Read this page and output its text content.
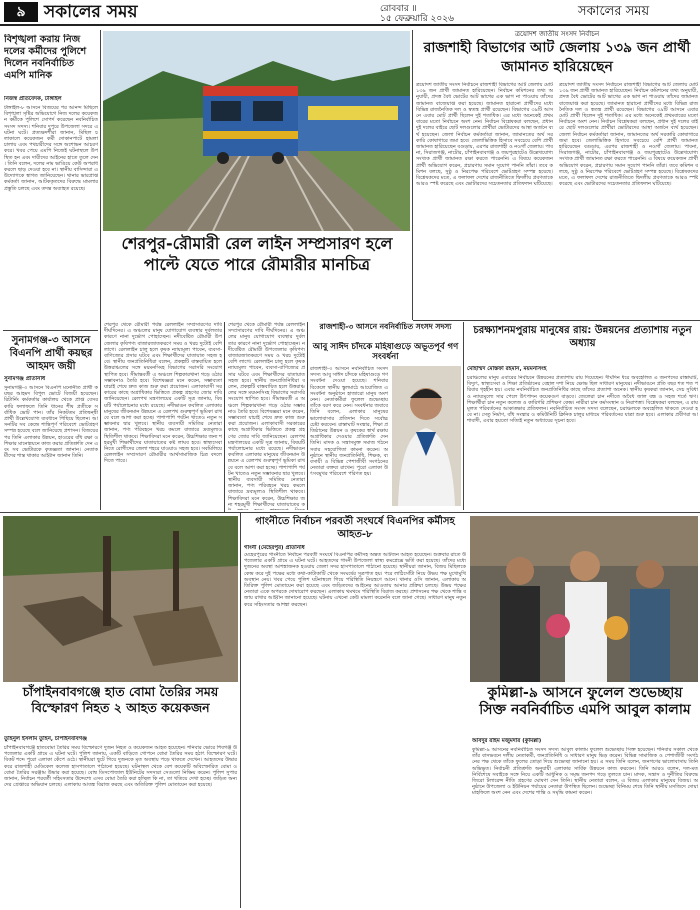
৯	সকালের সময়	রোববার ॥
১৫ ফেব্রুয়ারি ২০২৬	সকালের সময়
বিশৃঙ্খলা করায় নিজ দলের কর্মীদের পুলিশে দিলেন নবনির্বাচিত এমপি মানিক
নিজস্ব প্রতিবেদক, টাঙ্গাইল
টাঙ্গাইল-৮ আসনে বিজয়ের পর আনন্দ মিছিলে বিশৃঙ্খলা সৃষ্টির অভিযোগে নিজ দলের কয়েকজন কর্মীকে পুলিশে সোপর্দ করেছেন নবনির্বাচিত সংসদ সদস্য। শনিবার দুপুরে উপজেলা সদরে এ ঘটনা ঘটে। প্রত্যক্ষদর্শীরা জানান, মিছিল চলাকালে কয়েকজন কর্মী দোকানপাটে হামলা চালায় এবং পথচারীদের সঙ্গে অশোভন আচরণ করে। খবর পেয়ে এমপি নিজেই ঘটনাস্থলে উপস্থিত হন এবং দায়ীদের আইনের হাতে তুলে দেন। তিনি বলেন, দলের নাম ভাঙিয়ে কেউ অপরাধ করলে ছাড় দেওয়া হবে না। স্থানীয় বাসিন্দারা এ উদ্যোগকে স্বাগত জানিয়েছেন। থানার ভারপ্রাপ্ত কর্মকর্তা জানান, আটককৃতদের বিরুদ্ধে মামলার প্রস্তুতি চলছে এবং তদন্ত অব্যাহত রয়েছে।
সুনামগঞ্জ-৩ আসনে বিএনপি প্রার্থী কয়ছর আহমদ জয়ী
সুনামগঞ্জ প্রতিনিধি
সুনামগঞ্জ-৩ আসনে বিএনপি মনোনীত প্রার্থী কয়ছর আহমদ বিপুল ভোটে বিজয়ী হয়েছেন। রিটার্নিং কর্মকর্তার কার্যালয় থেকে প্রাপ্ত বেসরকারি ফলাফলে তিনি ধানের শীষ প্রতীকে সর্বাধিক ভোট পান। তাঁর নিকটতম প্রতিদ্বন্দ্বী প্রার্থী উল্লেখযোগ্য ব্যবধানে পিছিয়ে ছিলেন। আসনটির সব কেন্দ্রে শান্তিপূর্ণ পরিবেশে ভোটগ্রহণ সম্পন্ন হয়েছে বলে জানিয়েছে প্রশাসন। বিজয়ের পর তিনি এলাকার উন্নয়ন, হাওরের বাঁধ রক্ষা ও শিক্ষার মানোন্নয়নে কাজ করার প্রতিশ্রুতি দেন এবং সব ভোটারকে কৃতজ্ঞতা জানান। নেতাকর্মীদের শান্ত থাকার আহ্বান জানান তিনি।
শেরপুর-রৌমারী রেল লাইন সম্প্রসারণ হলে পাল্টে যেতে পারে রৌমারীর মানচিত্র
শেরপুর থেকে রৌমারী পর্যন্ত রেললাইন সম্প্রসারণের দাবি দীর্ঘদিনের। এ অঞ্চলের মানুষ যোগাযোগ ব্যবস্থার দুর্বলতার কারণে নানা দুর্ভোগ পোহাচ্ছেন। নদীবেষ্টিত রৌমারী উপজেলার কৃষিপণ্য বাজারজাতকরণে সময় ও খরচ দুটোই বেশি লাগে। রেললাইন চালু হলে কৃষক ন্যায্যমূল্য পাবেন, ব্যবসা-বাণিজ্যের প্রসার ঘটবে এবং শিক্ষার্থীদের যাতায়াত সহজ হবে। স্থানীয় জনপ্রতিনিধিরা বলেন, প্রকল্পটি বাস্তবায়িত হলে উত্তরাঞ্চলের সঙ্গে ময়মনসিংহ বিভাগের সরাসরি সংযোগ স্থাপিত হবে। সীমান্তবর্তী এ অঞ্চলে শিল্পকারখানা গড়ে ওঠার সম্ভাবনাও তৈরি হবে। বিশেষজ্ঞরা মনে করেন, সম্ভাব্যতা যাচাই শেষে দ্রুত কাজ শুরু করা প্রয়োজন। এলাকাবাসী সরকারের কাছে অগ্রাধিকার ভিত্তিতে প্রকল্প গ্রহণের জোর দাবি জানিয়েছেন। রেলপথ মন্ত্রণালয়ের একটি সূত্র জানায়, বিষয়টি পর্যালোচনার মধ্যে রয়েছে। নদীভাঙন কবলিত এলাকার মানুষের জীবনমান উন্নয়নে এ রেলপথ গুরুত্বপূর্ণ ভূমিকা রাখবে বলে আশা করা হচ্ছে। পাশাপাশি পর্যটন খাতেও নতুন সম্ভাবনার দ্বার খুলবে। স্থানীয় ব্যবসায়ী সমিতির নেতারা জানান, পণ্য পরিবহনে খরচ কমলে বাজারে দ্রব্যমূল্যও স্থিতিশীল থাকবে। শিক্ষাবিদরা মনে করেন, উচ্চশিক্ষার জন্য শহরমুখী শিক্ষার্থীদের যাতায়াতের কষ্ট লাঘব হবে। স্বাস্থ্যসেবা নিতে রোগীদের জেলা শহরে যাওয়াও সহজ হবে। সবমিলিয়ে রেললাইন সম্প্রসারণ রৌমারীর আর্থসামাজিক চিত্র বদলে দিতে পারে।
শেরপুর থেকে রৌমারী পর্যন্ত রেললাইন সম্প্রসারণের দাবি দীর্ঘদিনের। এ অঞ্চলের মানুষ যোগাযোগ ব্যবস্থার দুর্বলতার কারণে নানা দুর্ভোগ পোহাচ্ছেন। নদীবেষ্টিত রৌমারী উপজেলার কৃষিপণ্য বাজারজাতকরণে সময় ও খরচ দুটোই বেশি লাগে। রেললাইন চালু হলে কৃষক ন্যায্যমূল্য পাবেন, ব্যবসা-বাণিজ্যের প্রসার ঘটবে এবং শিক্ষার্থীদের যাতায়াত সহজ হবে। স্থানীয় জনপ্রতিনিধিরা বলেন, প্রকল্পটি বাস্তবায়িত হলে উত্তরাঞ্চলের সঙ্গে ময়মনসিংহ বিভাগের সরাসরি সংযোগ স্থাপিত হবে। সীমান্তবর্তী এ অঞ্চলে শিল্পকারখানা গড়ে ওঠার সম্ভাবনাও তৈরি হবে। বিশেষজ্ঞরা মনে করেন, সম্ভাব্যতা যাচাই শেষে দ্রুত কাজ শুরু করা প্রয়োজন। এলাকাবাসী সরকারের কাছে অগ্রাধিকার ভিত্তিতে প্রকল্প গ্রহণের জোর দাবি জানিয়েছেন। রেলপথ মন্ত্রণালয়ের একটি সূত্র জানায়, বিষয়টি পর্যালোচনার মধ্যে রয়েছে। নদীভাঙন কবলিত এলাকার মানুষের জীবনমান উন্নয়নে এ রেলপথ গুরুত্বপূর্ণ ভূমিকা রাখবে বলে আশা করা হচ্ছে। পাশাপাশি পর্যটন খাতেও নতুন সম্ভাবনার দ্বার খুলবে। স্থানীয় ব্যবসায়ী সমিতির নেতারা জানান, পণ্য পরিবহনে খরচ কমলে বাজারে দ্রব্যমূল্যও স্থিতিশীল থাকবে। শিক্ষাবিদরা মনে করেন, উচ্চশিক্ষার জন্য শহরমুখী শিক্ষার্থীদের যাতায়াতের ক
ত্রয়োদশ জাতীয় সংসদ নির্বাচন
রাজশাহী বিভাগের আট জেলায় ১৩৯ জন প্রার্থী জামানত হারিয়েছেন
ত্রয়োদশ জাতীয় সংসদ নির্বাচনে রাজশাহী বিভাগের আট জেলায় মোট ১৩৯ জন প্রার্থী জামানত হারিয়েছেন। নির্বাচন কমিশনের তথ্য অনুযায়ী, প্রদত্ত বৈধ ভোটের আট ভাগের এক ভাগ না পাওয়ায় তাঁদের জামানত বাজেয়াপ্ত করা হয়েছে। জামানত হারানো প্রার্থীদের মধ্যে বিভিন্ন রাজনৈতিক দল ও স্বতন্ত্র প্রার্থী রয়েছেন। বিভাগের ৩৯টি আসনে এবার মোট প্রার্থী ছিলেন দুই শতাধিক। এর মধ্যে অনেকেই প্রথমবারের মতো নির্বাচনে অংশ নেন। নির্বাচন বিশ্লেষকরা বলছেন, প্রধান দুই দলের বাইরে ছোট দলগুলোর প্রার্থীরা ভোটারদের আস্থা অর্জনে ব্যর্থ হয়েছেন। জেলা নির্বাচন কর্মকর্তারা জানান, জামানতের অর্থ সরকারি কোষাগারে জমা হবে। জেলাভিত্তিক হিসাবে সবচেয়ে বেশি প্রার্থী জামানত হারিয়েছেন বগুড়ায়, এরপর রাজশাহী ও নওগাঁ জেলায়। পাবনা, সিরাজগঞ্জ, নাটোর, চাঁপাইনবাবগঞ্জ ও জয়পুরহাটেও উল্লেখযোগ্য সংখ্যক প্রার্থী জামানত রক্ষা করতে পারেননি। এ বিষয়ে কয়েকজন প্রার্থী অভিযোগ করেন, প্রচারণায় সমান সুযোগ পাননি তাঁরা। তবে কমিশন বলছে, সুষ্ঠু ও নিরপেক্ষ পরিবেশে ভোটগ্রহণ সম্পন্ন হয়েছে। বিশ্লেষকদের মতে, এ ফলাফল দেশের রাজনীতিতে দ্বিদলীয় প্রবণতাকে আরও স্পষ্ট করেছে এবং ভোটারদের সচেতনতার প্রতিফলন ঘটিয়েছে।
ত্রয়োদশ জাতীয় সংসদ নির্বাচনে রাজশাহী বিভাগের আট জেলায় মোট ১৩৯ জন প্রার্থী জামানত হারিয়েছেন। নির্বাচন কমিশনের তথ্য অনুযায়ী, প্রদত্ত বৈধ ভোটের আট ভাগের এক ভাগ না পাওয়ায় তাঁদের জামানত বাজেয়াপ্ত করা হয়েছে। জামানত হারানো প্রার্থীদের মধ্যে বিভিন্ন রাজনৈতিক দল ও স্বতন্ত্র প্রার্থী রয়েছেন। বিভাগের ৩৯টি আসনে এবার মোট প্রার্থী ছিলেন দুই শতাধিক। এর মধ্যে অনেকেই প্রথমবারের মতো নির্বাচনে অংশ নেন। নির্বাচন বিশ্লেষকরা বলছেন, প্রধান দুই দলের বাইরে ছোট দলগুলোর প্রার্থীরা ভোটারদের আস্থা অর্জনে ব্যর্থ হয়েছেন। জেলা নির্বাচন কর্মকর্তারা জানান, জামানতের অর্থ সরকারি কোষাগারে জমা হবে। জেলাভিত্তিক হিসাবে সবচেয়ে বেশি প্রার্থী জামানত হারিয়েছেন বগুড়ায়, এরপর রাজশাহী ও নওগাঁ জেলায়। পাবনা, সিরাজগঞ্জ, নাটোর, চাঁপাইনবাবগঞ্জ ও জয়পুরহাটেও উল্লেখযোগ্য সংখ্যক প্রার্থী জামানত রক্ষা করতে পারেননি। এ বিষয়ে কয়েকজন প্রার্থী অভিযোগ করেন, প্রচারণায় সমান সুযোগ পাননি তাঁরা। তবে কমিশন বলছে, সুষ্ঠু ও নিরপেক্ষ পরিবেশে ভোটগ্রহণ সম্পন্ন হয়েছে। বিশ্লেষকদের মতে, এ ফলাফল দেশের রাজনীতিতে দ্বিদলীয় প্রবণতাকে আরও স্পষ্ট করেছে এবং ভোটারদের সচেতনতার প্রতিফলন ঘটিয়েছে।
রাজশাহী-৩ আসনে নবনির্বাচিত সংসদ সদস্য
আবু সাঈদ চাঁদকে মহিষাগুড়ে অভূতপূর্ব গণ সংবর্ধনা
রাজশাহী-৩ আসনে নবনির্বাচিত সংসদ সদস্য আবু সাঈদ চাঁদকে মহিষাগুড়ে গণ সংবর্ধনা দেওয়া হয়েছে। শনিবার বিকেলে স্থানীয় স্কুলমাঠে আয়োজিত এ সংবর্ধনা অনুষ্ঠানে হাজারো মানুষ অংশ নেন। নেতাকর্মীরা ফুলেল শুভেচ্ছায় তাঁকে বরণ করে নেন। সংবর্ধনার জবাবে তিনি বলেন, এলাকার মানুষের ভালোবাসার প্রতিদান দিতে সর্বোচ্চ চেষ্টা করবেন। রাস্তাঘাট সংস্কার, শিক্ষা প্রতিষ্ঠানের উন্নয়ন ও কৃষকের স্বার্থ রক্ষায় অগ্রাধিকার দেওয়ার প্রতিশ্রুতি দেন তিনি। মাদক ও সন্ত্রাসমুক্ত সমাজ গঠনে সবার সহযোগিতা কামনা করেন। অনুষ্ঠানে স্থানীয় জনপ্রতিনিধি, শিক্ষক, ব্যবসায়ী ও বিভিন্ন পেশাজীবী সংগঠনের নেতারা বক্তব্য রাখেন। পুরো এলাকা উৎসবমুখর পরিবেশে পরিণত হয়।
চরক্ষ্যাশনমপুরায় মানুষের রায়: উন্নয়নের প্রত্যাশায় নতুন অধ্যায়
মোহাম্মদ মোস্তফা রহমান, ময়মনসিংহ
চরাঞ্চলের মানুষ এবারের নির্বাচনে উন্নয়নের প্রত্যাশায় রায় দিয়েছেন। দীর্ঘদিন ধরে অবহেলিত এ জনপদের রাস্তাঘাট, বিদ্যুৎ, স্বাস্থ্যসেবা ও শিক্ষা প্রতিষ্ঠানের বেহাল দশা নিয়ে ক্ষোভ ছিল সাধারণ মানুষের। নদীভাঙনে প্রতি বছর শত শত পরিবার গৃহহীন হয়। এবার নবনির্বাচিত জনপ্রতিনিধির কাছে তাঁদের প্রত্যাশা অনেক। স্থানীয় কৃষকরা জানান, সেচ সুবিধা ও ন্যায্যমূল্যে সার পেলে উৎপাদন কয়েকগুণ বাড়বে। জেলেরা চান নদীতে অবৈধ জাল বন্ধ ও সহজ শর্তে ঋণ। শিক্ষার্থীরা চান নতুন কলেজ ও কারিগরি প্রশিক্ষণ কেন্দ্র। নারীরা চান কর্মসংস্থান ও নিরাপত্তা। বিশ্লেষকরা বলছেন, এ রায় মূলত পরিবর্তনের আকাঙ্ক্ষার প্রতিফলন। নবনির্বাচিত সংসদ সদস্য বলেছেন, চরাঞ্চলকে অবহেলিত থাকতে দেওয়া হবে না। সেতু নির্মাণ, বাঁধ সংস্কার ও কমিউনিটি ক্লিনিক চালুর মাধ্যমে পরিবর্তনের যাত্রা শুরু হবে। এলাকার প্রবীণরা আশাবাদী, এবার হয়তো সত্যিই নতুন অধ্যায়ের সূচনা হবে।
চাঁপাইনবাবগঞ্জে হাত বোমা তৈরির সময় বিস্ফোরণ নিহত ২ আহত কয়েকজন
তুহিনুল ইসলাম তুহিন, চাঁপাইনবাবগঞ্জ
চাঁপাইনবাবগঞ্জে হাতবোমা তৈরির সময় বিস্ফোরণে দুজন নিহত ও কয়েকজন আহত হয়েছেন। শনিবার ভোরে শিবগঞ্জ উপজেলার একটি গ্রামে এ ঘটনা ঘটে। পুলিশ জানায়, একটি বাড়িতে গোপনে বোমা তৈরির সময় হঠাৎ বিস্ফোরণ ঘটে। বিকট শব্দে পুরো এলাকা কেঁপে ওঠে। স্থানীয়রা ছুটে গিয়ে দুজনকে মৃত অবস্থায় পড়ে থাকতে দেখেন। আহতদের উদ্ধার করে রাজশাহী মেডিকেল কলেজ হাসপাতালে পাঠানো হয়েছে। ঘটনাস্থল থেকে বেশ কয়েকটি অবিস্ফোরিত বোমা ও বোমা তৈরির সরঞ্জাম উদ্ধার করা হয়েছে। বোম্ব ডিসপোজাল ইউনিটের সদস্যরা সেগুলো নিষ্ক্রিয় করেন। পুলিশ সুপার জানান, নির্বাচন পরবর্তী সহিংসতার উদ্দেশ্যে এসব বোমা তৈরি করা হচ্ছিল কি না, তা খতিয়ে দেখা হচ্ছে। জড়িত অন্যদের গ্রেপ্তারে অভিযান চলছে। এলাকায় আতঙ্ক বিরাজ করছে এবং অতিরিক্ত পুলিশ মোতায়েন করা হয়েছে।
গাংনীতে নির্বাচন পরবর্তী সংঘর্ষে বিএনপির কর্মীসহ আহত-৮
গাংনী (মেহেরপুর) প্রতিনিধি
মেহেরপুরের গাংনীতে নির্বাচন পরবর্তী সংঘর্ষে বিএনপির কর্মীসহ অন্তত আটজন আহত হয়েছেন। শুক্রবার রাতে উপজেলার একটি গ্রামে এ ঘটনা ঘটে। আহতদের গাংনী উপজেলা স্বাস্থ্য কমপ্লেক্সে ভর্তি করা হয়েছে। তাঁদের মধ্যে দুজনের অবস্থা আশঙ্কাজনক হওয়ায় জেলা সদর হাসপাতালে পাঠানো হয়েছে। স্থানীয়রা জানান, বিজয় মিছিলকে কেন্দ্র করে দুই পক্ষের মধ্যে কথা-কাটাকাটি থেকে সংঘর্ষের সূত্রপাত হয়। পরে লাঠিসোঁটা নিয়ে উভয় পক্ষ মুখোমুখি অবস্থান নেয়। খবর পেয়ে পুলিশ ঘটনাস্থলে গিয়ে পরিস্থিতি নিয়ন্ত্রণে আনে। থানার ওসি জানান, এলাকায় অতিরিক্ত পুলিশ মোতায়েন করা হয়েছে এবং জড়িতদের আইনের আওতায় আনার প্রক্রিয়া চলছে। উভয় পক্ষের নেতারা একে অপরকে দোষারোপ করছেন। এলাকায় থমথমে পরিস্থিতি বিরাজ করছে। প্রশাসনের পক্ষ থেকে শান্তি বজায় রাখার আহ্বান জানানো হয়েছে। ঘটনায় এখনো কেউ মামলা করেননি বলে জানা গেছে। সাধারণ মানুষ নতুন করে সহিংসতার আশঙ্কা করছেন।
কুমিল্লা-৯ আসনে ফুলেল শুভেচ্ছায় সিক্ত নবনির্বাচিত এমপি আবুল কালাম
আবদুর রহিম মজুমদার (কুমিল্লা)
কুমিল্লা-৯ আসনের নবনির্বাচিত সংসদ সদস্য আবুল কালাম ফুলেল শুভেচ্ছায় সিক্ত হয়েছেন। শনিবার সকাল থেকে তাঁর বাসভবনে দলীয় নেতাকর্মী, জনপ্রতিনিধি ও সাধারণ মানুষ ভিড় করেন। বিভিন্ন সামাজিক ও পেশাজীবী সংগঠনের পক্ষ থেকে তাঁকে ফুলের তোড়া দিয়ে শুভেচ্ছা জানানো হয়। এ সময় তিনি বলেন, জনগণের ভালোবাসায় তিনি অভিভূত। নির্বাচনী প্রতিশ্রুতি অনুযায়ী এলাকার সার্বিক উন্নয়নে কাজ করবেন। তিনি আরও বলেন, দল-মত নির্বিশেষে সবাইকে সঙ্গে নিয়ে একটি আধুনিক ও সমৃদ্ধ জনপদ গড়ে তুলতে চান। মাদক, সন্ত্রাস ও দুর্নীতির বিরুদ্ধে জিরো টলারেন্স নীতি গ্রহণের ঘোষণা দেন তিনি। স্থানীয় নেতারা বলেন, এ বিজয় এলাকার মানুষের বিজয়। অনুষ্ঠানে উপজেলা ও ইউনিয়ন পর্যায়ের নেতারা উপস্থিত ছিলেন। শুভেচ্ছা বিনিময় শেষে তিনি স্থানীয় মসজিদে দোয়া মাহফিলে অংশ নেন এবং দেশের শান্তি ও সমৃদ্ধি কামনা করেন।
